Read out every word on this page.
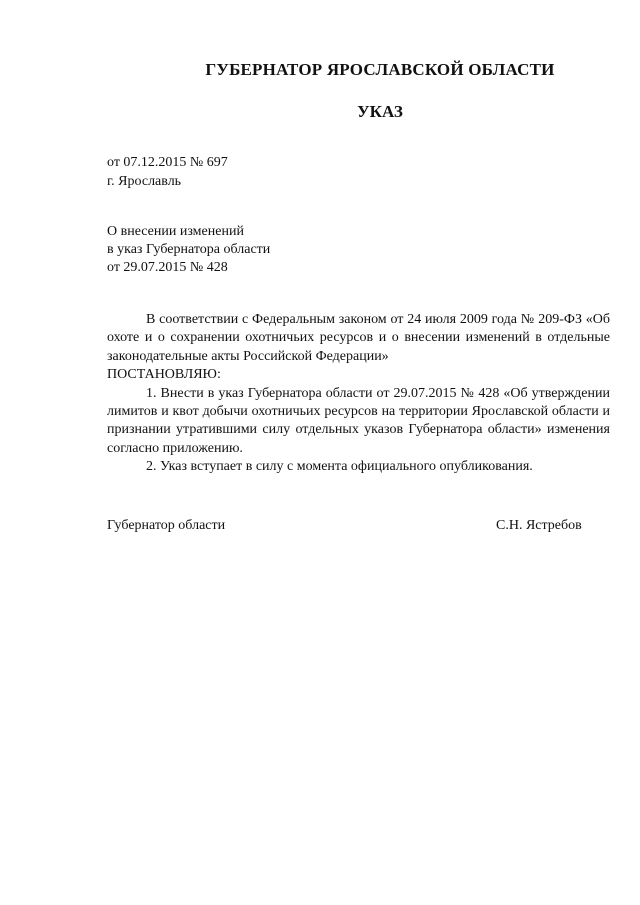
ГУБЕРНАТОР ЯРОСЛАВСКОЙ ОБЛАСТИ
УКАЗ
от 07.12.2015 № 697
г. Ярославль
О внесении изменений
в указ Губернатора области
от 29.07.2015 № 428

В соответствии с Федеральным законом от 24 июля 2009 года № 209-ФЗ «Об охоте и о сохранении охотничьих ресурсов и о внесении изменений в отдельные законодательные акты Российской Федерации»

ПОСТАНОВЛЯЮ:

1. Внести в указ Губернатора области от 29.07.2015 № 428 «Об утверждении лимитов и квот добычи охотничьих ресурсов на территории Ярославской области и признании утратившими силу отдельных указов Губернатора области» изменения согласно приложению.

2. Указ вступает в силу с момента официального опубликования.

Губернатор области	С.Н. Ястребов
